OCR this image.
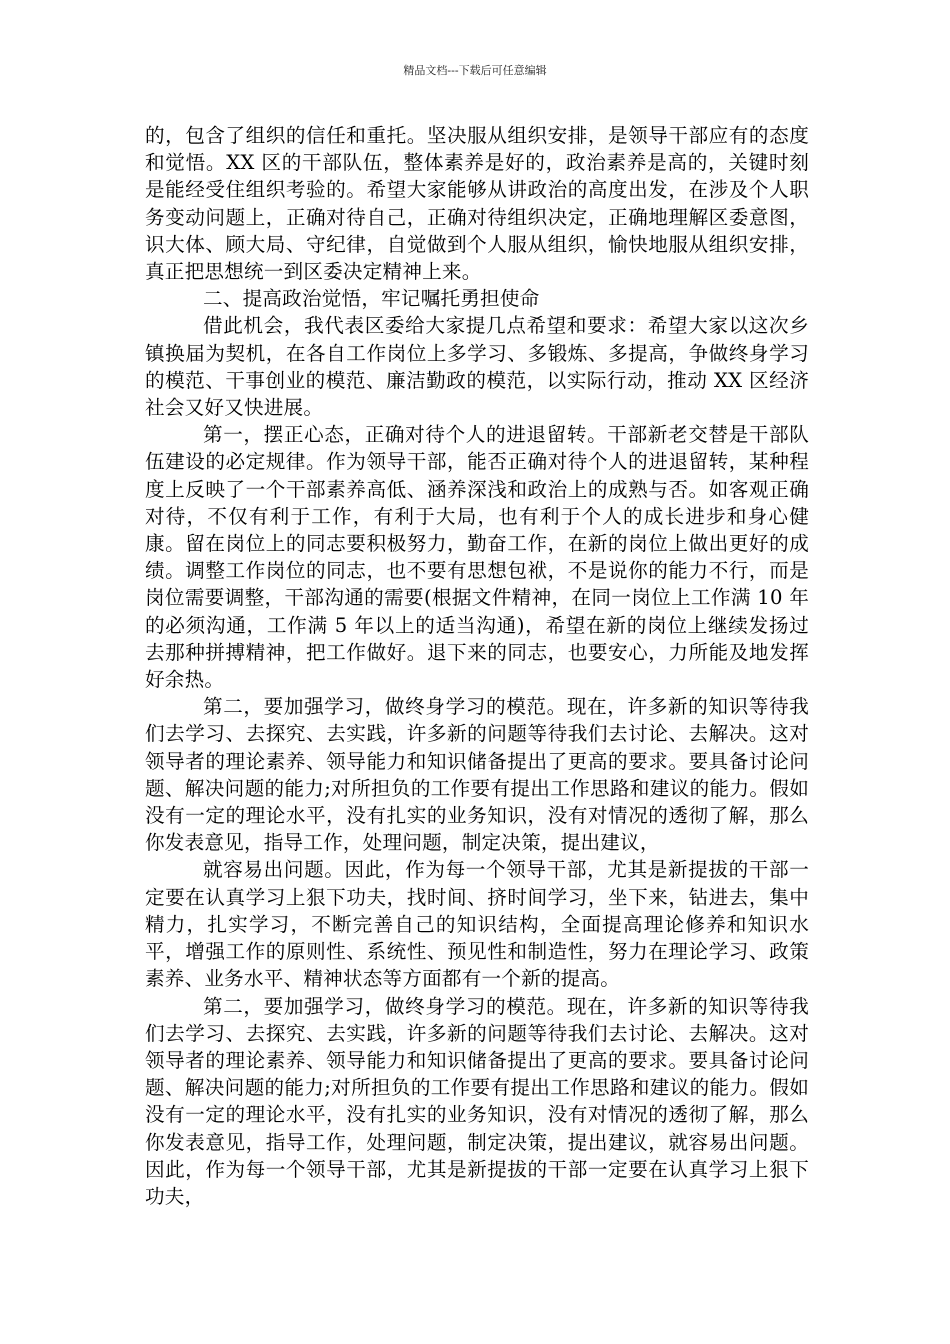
精品文档---下载后可任意编辑

的，包含了组织的信任和重托。坚决服从组织安排，是领导干部应有的态度和觉悟。XX 区的干部队伍，整体素养是好的，政治素养是高的，关键时刻是能经受住组织考验的。希望大家能够从讲政治的高度出发，在涉及个人职务变动问题上，正确对待自己，正确对待组织决定，正确地理解区委意图，识大体、顾大局、守纪律，自觉做到个人服从组织，愉快地服从组织安排，真正把思想统一到区委决定精神上来。

二、提高政治觉悟，牢记嘱托勇担使命

借此机会，我代表区委给大家提几点希望和要求：希望大家以这次乡镇换届为契机，在各自工作岗位上多学习、多锻炼、多提高，争做终身学习的模范、干事创业的模范、廉洁勤政的模范，以实际行动，推动 XX 区经济社会又好又快进展。

第一，摆正心态，正确对待个人的进退留转。干部新老交替是干部队伍建设的必定规律。作为领导干部，能否正确对待个人的进退留转，某种程度上反映了一个干部素养高低、涵养深浅和政治上的成熟与否。如客观正确对待，不仅有利于工作，有利于大局，也有利于个人的成长进步和身心健康。留在岗位上的同志要积极努力，勤奋工作，在新的岗位上做出更好的成绩。调整工作岗位的同志，也不要有思想包袱，不是说你的能力不行，而是岗位需要调整，干部沟通的需要(根据文件精神，在同一岗位上工作满 10 年的必须沟通，工作满 5 年以上的适当沟通)，希望在新的岗位上继续发扬过去那种拼搏精神，把工作做好。退下来的同志，也要安心，力所能及地发挥好余热。

第二，要加强学习，做终身学习的模范。现在，许多新的知识等待我们去学习、去探究、去实践，许多新的问题等待我们去讨论、去解决。这对领导者的理论素养、领导能力和知识储备提出了更高的要求。要具备讨论问题、解决问题的能力;对所担负的工作要有提出工作思路和建议的能力。假如没有一定的理论水平，没有扎实的业务知识，没有对情况的透彻了解，那么你发表意见，指导工作，处理问题，制定决策，提出建议，

就容易出问题。因此，作为每一个领导干部，尤其是新提拔的干部一定要在认真学习上狠下功夫，找时间、挤时间学习，坐下来，钻进去，集中精力，扎实学习，不断完善自己的知识结构，全面提高理论修养和知识水平，增强工作的原则性、系统性、预见性和制造性，努力在理论学习、政策素养、业务水平、精神状态等方面都有一个新的提高。

第二，要加强学习，做终身学习的模范。现在，许多新的知识等待我们去学习、去探究、去实践，许多新的问题等待我们去讨论、去解决。这对领导者的理论素养、领导能力和知识储备提出了更高的要求。要具备讨论问题、解决问题的能力;对所担负的工作要有提出工作思路和建议的能力。假如没有一定的理论水平，没有扎实的业务知识，没有对情况的透彻了解，那么你发表意见，指导工作，处理问题，制定决策，提出建议，就容易出问题。因此，作为每一个领导干部，尤其是新提拔的干部一定要在认真学习上狠下功夫，
